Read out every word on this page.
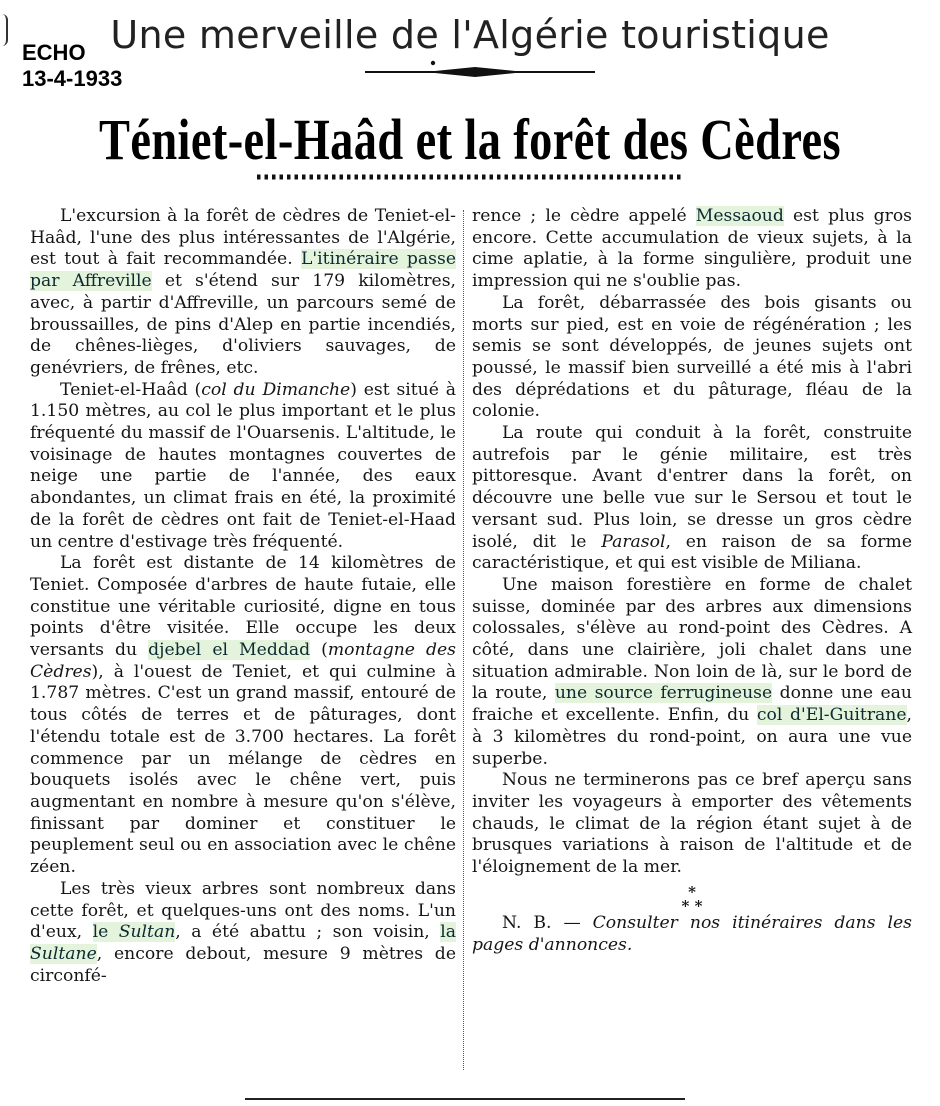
ECHO
13-4-1933
Une merveille de l'Algérie touristique
Téniet-el-Haâd et la forêt des Cèdres

L'excursion à la forêt de cèdres de Teniet-el-Haâd, l'une des plus intéressantes de l'Algérie, est tout à fait recommandée. L'itinéraire passe par Affreville et s'étend sur 179 kilomètres, avec, à partir d'Affreville, un parcours semé de broussailles, de pins d'Alep en partie incendiés, de chênes-lièges, d'oliviers sauvages, de genévriers, de frênes, etc.

Teniet-el-Haâd (col du Dimanche) est situé à 1.150 mètres, au col le plus important et le plus fréquenté du massif de l'Ouarsenis. L'altitude, le voisinage de hautes montagnes couvertes de neige une partie de l'année, des eaux abondantes, un climat frais en été, la proximité de la forêt de cèdres ont fait de Teniet-el-Haad un centre d'estivage très fréquenté.

La forêt est distante de 14 kilomètres de Teniet. Composée d'arbres de haute futaie, elle constitue une véritable curiosité, digne en tous points d'être visitée. Elle occupe les deux versants du djebel el Meddad (montagne des Cèdres), à l'ouest de Teniet, et qui culmine à 1.787 mètres. C'est un grand massif, entouré de tous côtés de terres et de pâturages, dont l'étendu totale est de 3.700 hectares. La forêt commence par un mélange de cèdres en bouquets isolés avec le chêne vert, puis augmentant en nombre à mesure qu'on s'élève, finissant par dominer et constituer le peuplement seul ou en association avec le chêne zéen.

Les très vieux arbres sont nombreux dans cette forêt, et quelques-uns ont des noms. L'un d'eux, le Sultan, a été abattu ; son voisin, la Sultane, encore debout, mesure 9 mètres de circonfé-

rence ; le cèdre appelé Messaoud est plus gros encore. Cette accumulation de vieux sujets, à la cime aplatie, à la forme singulière, produit une impression qui ne s'oublie pas.

La forêt, débarrassée des bois gisants ou morts sur pied, est en voie de régénération ; les semis se sont développés, de jeunes sujets ont poussé, le massif bien surveillé a été mis à l'abri des déprédations et du pâturage, fléau de la colonie.

La route qui conduit à la forêt, construite autrefois par le génie militaire, est très pittoresque. Avant d'entrer dans la forêt, on découvre une belle vue sur le Sersou et tout le versant sud. Plus loin, se dresse un gros cèdre isolé, dit le Parasol, en raison de sa forme caractéristique, et qui est visible de Miliana.

Une maison forestière en forme de chalet suisse, dominée par des arbres aux dimensions colossales, s'élève au rond-point des Cèdres. A côté, dans une clairière, joli chalet dans une situation admirable. Non loin de là, sur le bord de la route, une source ferrugineuse donne une eau fraiche et excellente. Enfin, du col d'El-Guitrane, à 3 kilomètres du rond-point, on aura une vue superbe.

Nous ne terminerons pas ce bref aperçu sans inviter les voyageurs à emporter des vêtements chauds, le climat de la région étant sujet à de brusques variations à raison de l'altitude et de l'éloignement de la mer.

*
* *

N. B. — Consulter nos itinéraires dans les pages d'annonces.
